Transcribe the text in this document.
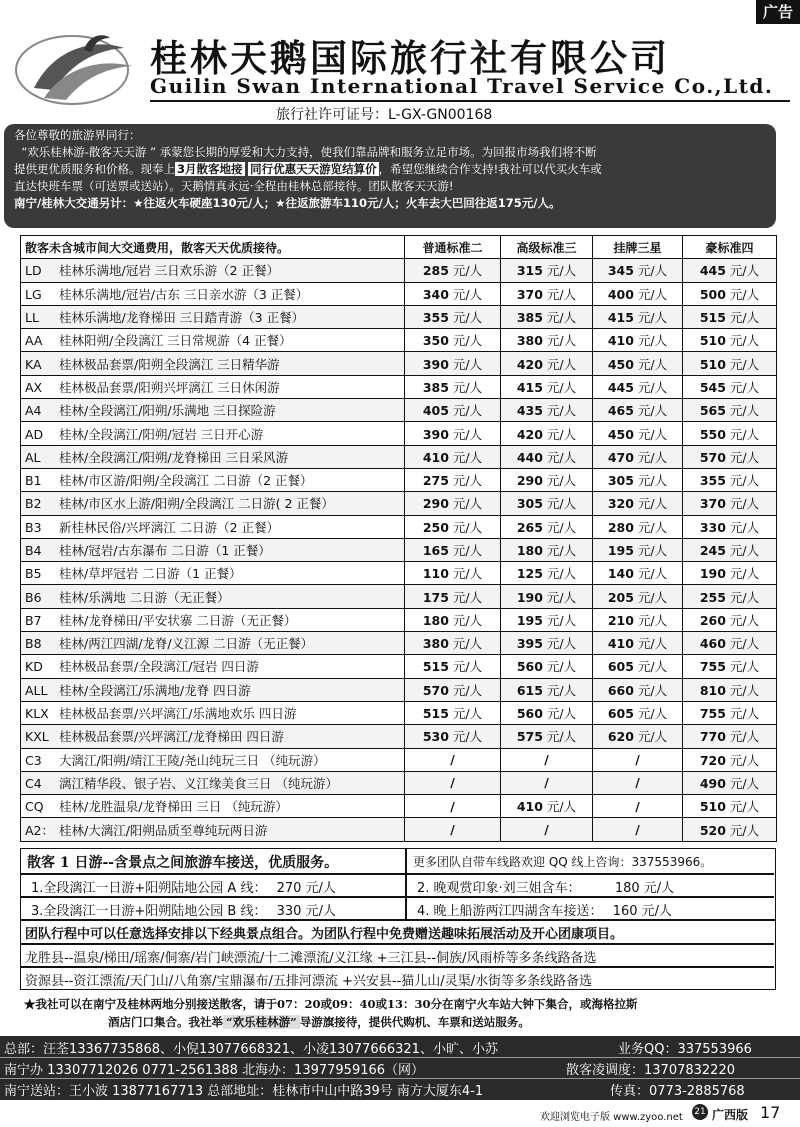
广告
桂林天鹅国际旅行社有限公司
Guilin Swan International Travel Service Co.,Ltd.
旅行社许可证号：L-GX-GN00168

各位尊敬的旅游界同行：

“欢乐桂林游-散客天天游 ” 承蒙您长期的厚爱和大力支持，使我们靠品牌和服务立足市场。为回报市场我们将不断

提供更优质服务和价格。现奉上 3月散客地接 同行优惠天天游览结算价 ，希望您继续合作支持!我社可以代买火车或

直达快班车票（可送票或送站）。天鹅情真永远·全程由桂林总部接待。团队散客天天游!

南宁/桂林大交通另计：★往返火车硬座130元/人；★往返旅游车110元/人；火车去大巴回往返175元/人。

散客未含城市间大交通费用，散客天天优质接待。	普通标准二	高级标准三	挂牌三星	豪标准四
LD 桂林乐满地/冠岩 三日欢乐游（2 正餐）	285 元/人	315 元/人	345 元/人	445 元/人
LG 桂林乐满地/冠岩/古东 三日亲水游（3 正餐）	340 元/人	370 元/人	400 元/人	500 元/人
LL 桂林乐满地/龙脊梯田 三日踏青游（3 正餐）	355 元/人	385 元/人	415 元/人	515 元/人
AA 桂林阳朔/全段漓江 三日常规游（4 正餐）	350 元/人	380 元/人	410 元/人	510 元/人
KA 桂林极品套票/阳朔全段漓江 三日精华游	390 元/人	420 元/人	450 元/人	510 元/人
AX 桂林极品套票/阳朔兴坪漓江 三日休闲游	385 元/人	415 元/人	445 元/人	545 元/人
A4 桂林/全段漓江/阳朔/乐满地 三日探险游	405 元/人	435 元/人	465 元/人	565 元/人
AD 桂林/全段漓江/阳朔/冠岩 三日开心游	390 元/人	420 元/人	450 元/人	550 元/人
AL 桂林/全段漓江/阳朔/龙脊梯田 三日采风游	410 元/人	440 元/人	470 元/人	570 元/人
B1 桂林/市区游/阳朔/全段漓江 二日游（2 正餐）	275 元/人	290 元/人	305 元/人	355 元/人
B2 桂林/市区水上游/阳朔/全段漓江 二日游( 2 正餐）	290 元/人	305 元/人	320 元/人	370 元/人
B3 新桂林民俗/兴坪漓江 二日游（2 正餐）	250 元/人	265 元/人	280 元/人	330 元/人
B4 桂林/冠岩/古东瀑布 二日游（1 正餐）	165 元/人	180 元/人	195 元/人	245 元/人
B5 桂林/草坪冠岩 二日游（1 正餐）	110 元/人	125 元/人	140 元/人	190 元/人
B6 桂林/乐满地 二日游（无正餐）	175 元/人	190 元/人	205 元/人	255 元/人
B7 桂林/龙脊梯田/平安状寨 二日游（无正餐）	180 元/人	195 元/人	210 元/人	260 元/人
B8 桂林/两江四湖/龙脊/义江源 二日游（无正餐）	380 元/人	395 元/人	410 元/人	460 元/人
KD 桂林极品套票/全段漓江/冠岩 四日游	515 元/人	560 元/人	605 元/人	755 元/人
ALL 桂林/全段漓江/乐满地/龙脊 四日游	570 元/人	615 元/人	660 元/人	810 元/人
KLX 桂林极品套票/兴坪漓江/乐满地欢乐 四日游	515 元/人	560 元/人	605 元/人	755 元/人
KXL 桂林极品套票/兴坪漓江/龙脊梯田 四日游	530 元/人	575 元/人	620 元/人	770 元/人
C3 大漓江/阳朔/靖江王陵/尧山纯玩三日 （纯玩游）	/	/	/	720 元/人
C4 漓江精华段、银子岩、义江缘美食三日 （纯玩游）	/	/	/	490 元/人
CQ 桂林/龙胜温泉/龙脊梯田 三日 （纯玩游）	/	410 元/人	/	510 元/人
A2： 桂林/大漓江/阳朔品质至尊纯玩两日游	/	/	/	520 元/人
散客 1 日游--含景点之间旅游车接送，优质服务。	更多团队自带车线路欢迎 QQ 线上咨询：337553966。
1.全段漓江一日游+阳朔陆地公园 A 线： 270 元/人	2. 晚观赏印象·刘三姐含车：	180 元/人
3.全段漓江一日游+阳朔陆地公园 B 线： 330 元/人	4. 晚上船游两江四湖含车接送： 160 元/人
团队行程中可以任意选择安排以下经典景点组合。为团队行程中免费赠送趣味拓展活动及开心团康项目。
龙胜县--温泉/梯田/瑶寨/侗寨/岩门峡漂流/十二滩漂流/义江缘 +三江县--侗族/风雨桥等多条线路备选
资源县--资江漂流/天门山/八角寨/宝鼎瀑布/五排河漂流 +兴安县--猫儿山/灵渠/水街等多条线路备选
★我社可以在南宁及桂林两地分别接送散客，请于07：20或09：40或13：30分在南宁火车站大钟下集合，或海格拉斯
酒店门口集合。我社举 “欢乐桂林游” 导游旗接待，提供代购机、车票和送站服务。
总部：汪荃13367735868、小倪13077668321、小凌13077666321、小旷、小苏	业务QQ：337553966
南宁办 13307712026 0771-2561388 北海办：13977959166（网）	散客凌调度：13707832220
南宁送站：王小波 13877167713 总部地址：桂林市中山中路39号 南方大厦东4-1	传真：0773-2885768
欢迎浏览电子版 www.zyoo.net 21 广西版 17
